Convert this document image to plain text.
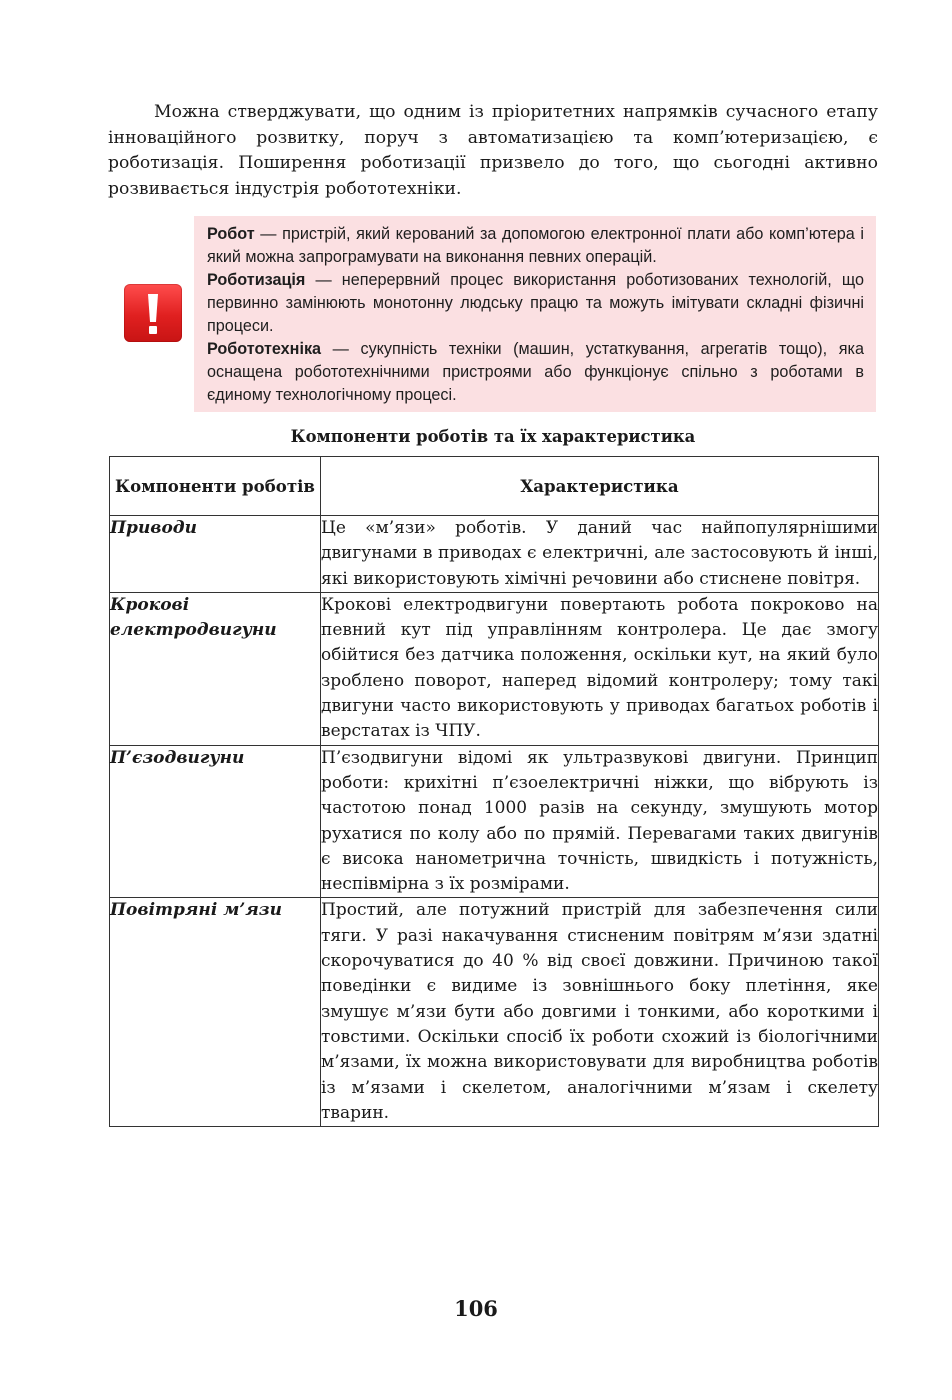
Можна стверджувати, що одним із пріоритетних напрямків сучасного етапу інноваційного розвитку, поруч з автоматизацією та комп’ютеризацією, є роботизація. Поширення роботизації призвело до того, що сьогодні активно розвивається індустрія робототехніки.

Робот — пристрій, який керований за допомогою електронної плати або комп’ютера і який можна запрограмувати на виконання певних операцій.

Роботизація — неперервний процес використання роботизованих технологій, що первинно замінюють монотонну людську працю та можуть імітувати складні фізичні процеси.

Робототехніка — сукупність техніки (машин, устаткування, агрегатів тощо), яка оснащена робототехнічними пристроями або функціонує спільно з роботами в єдиному технологічному процесі.

Компоненти роботів та їх характеристика
Компоненти роботів	Характеристика
Приводи	Це «м’язи» роботів. У даний час найпопулярнішими двигунами в приводах є електричні, але застосовують й інші, які використовують хімічні речовини або стиснене повітря.
Крокові електродвигуни	Крокові електродвигуни повертають робота покроково на певний кут під управлінням контролера. Це дає змогу обійтися без датчика положення, оскільки кут, на який було зроблено поворот, наперед відомий контролеру; тому такі двигуни часто використовують у приводах багатьох роботів і верстатах із ЧПУ.
П’єзодвигуни	П’єзодвигуни відомі як ультразвукові двигуни. Принцип роботи: крихітні п’єзоелектричні ніжки, що вібрують із частотою понад 1000 разів на секунду, змушують мотор рухатися по колу або по прямій. Перевагами таких двигунів є висока нанометрична точність, швидкість і потужність, неспівмірна з їх розмірами.
Повітряні м’язи	Простий, але потужний пристрій для забезпечення сили тяги. У разі накачування стисненим повітрям м’язи здатні скорочуватися до 40 % від своєї довжини. Причиною такої поведінки є видиме із зовнішнього боку плетіння, яке змушує м’язи бути або довгими і тонкими, або короткими і товстими. Оскільки спосіб їх роботи схожий із біологічними м’язами, їх можна використовувати для виробництва роботів із м’язами і скелетом, аналогічними м’язам і скелету тварин.
106
